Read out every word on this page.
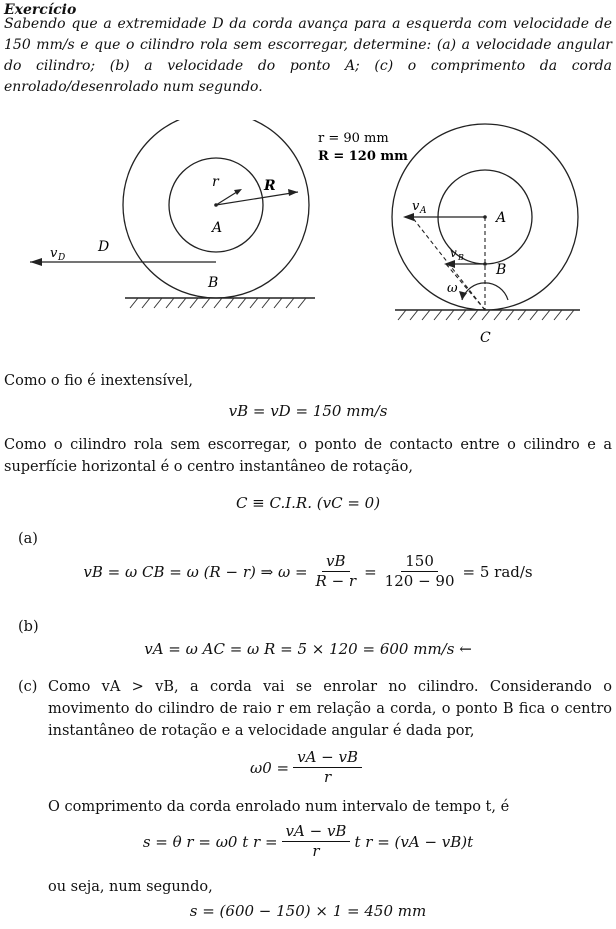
Exercício
Sabendo que a extremidade D da corda avança para a esquerda com velocidade de 150 mm/s e que o cilindro rola sem escorregar, determine: (a) a velocidade angular do cilindro; (b) a velocidade do ponto A; (c) o comprimento da corda enrolado/desenrolado num segundo.
r	R
A
v D
D
B
r = 90 mm
R = 120 mm
v A	A
v B
B
ω
C
Como o fio é inextensível,
vB = vD = 150 mm/s
Como o cilindro rola sem escorregar, o ponto de contacto entre o cilindro e a superfície horizontal é o centro instantâneo de rotação,
C ≡ C.I.R. (vC = 0)
(a)
vB = ω CB = ω (R − r) ⇒ $\omega = \frac{vB}{R - r} = \frac{150}{120 - 90} = 5$ rad/s
(b)
vA = ω AC = ω R = 5 × 120 = 600 mm/s ←
(c) Como vA > vB, a corda vai se enrolar no cilindro. Considerando o movimento do cilindro de raio r em relação a corda, o ponto B fica o centro instantâneo de rotação e a velocidade angular é dada por,
$\omega 0 = \frac{vA - vB}{r}$
O comprimento da corda enrolado num intervalo de tempo t, é
s = θ r = ω0 t $r = \frac{vA - vB}{r}$ t r = (vA − vB)t
ou seja, num segundo,
s = (600 − 150) × 1 = 450 mm
